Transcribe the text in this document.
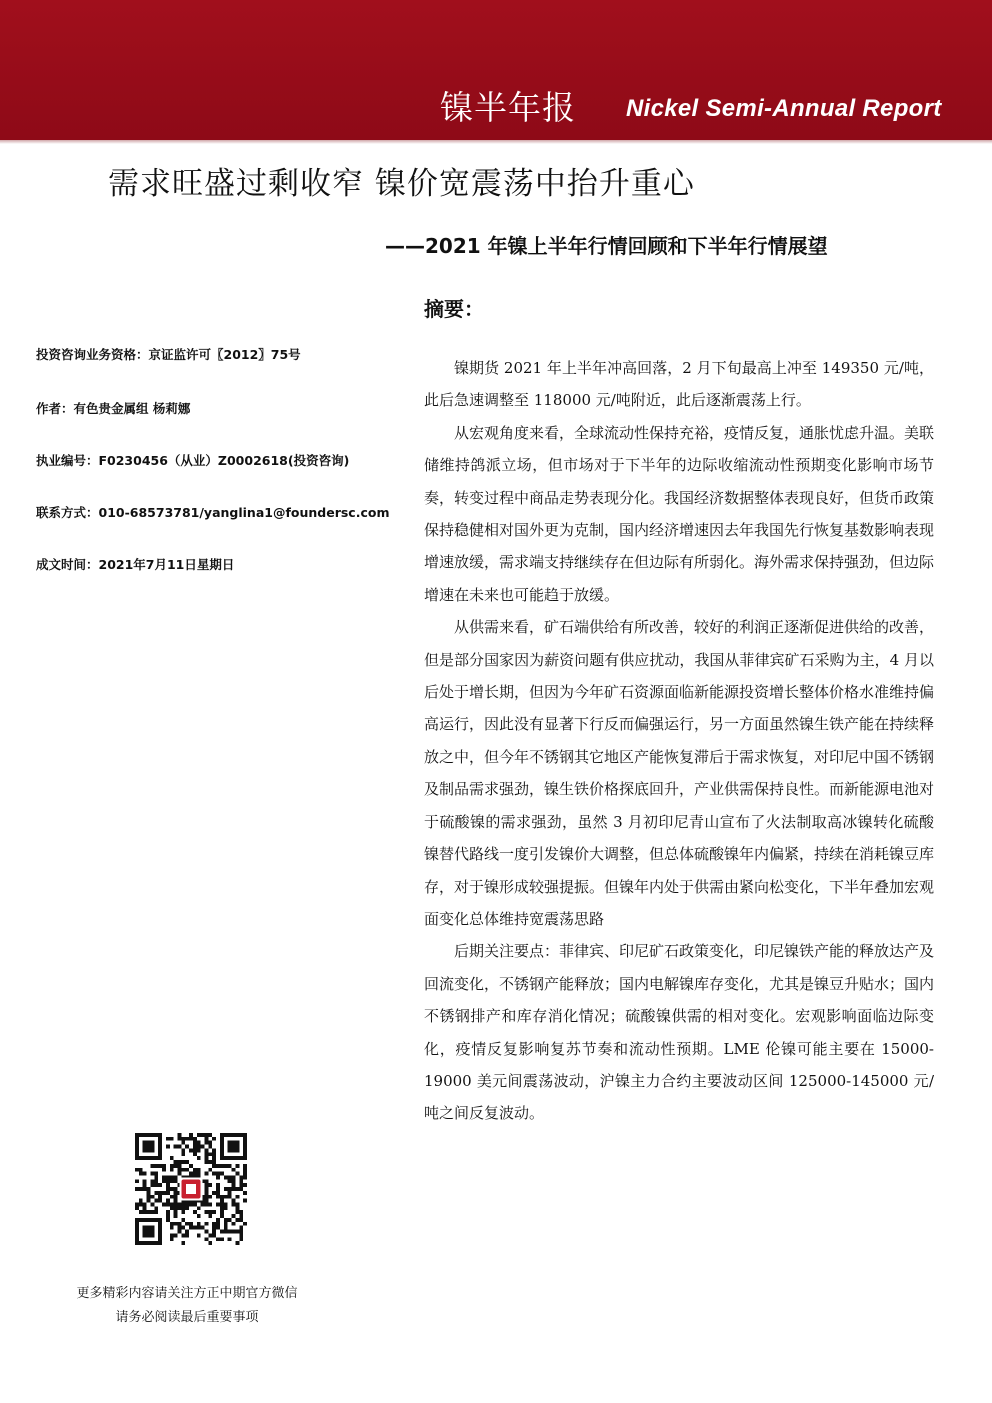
镍半年报 Nickel Semi-Annual Report
需求旺盛过剩收窄 镍价宽震荡中抬升重心
——2021 年镍上半年行情回顾和下半年行情展望
摘要：
投资咨询业务资格：京证监许可〖2012〗75号
作者：有色贵金属组 杨莉娜
执业编号：F0230456（从业）Z0002618(投资咨询)
联系方式：010-68573781/yanglina1@foundersc.com
成文时间：2021年7月11日星期日

镍期货 2021 年上半年冲高回落，2 月下旬最高上冲至 149350 元/吨，此后急速调整至 118000 元/吨附近，此后逐渐震荡上行。

从宏观角度来看，全球流动性保持充裕，疫情反复，通胀忧虑升温。美联储维持鸽派立场，但市场对于下半年的边际收缩流动性预期变化影响市场节奏，转变过程中商品走势表现分化。我国经济数据整体表现良好，但货币政策保持稳健相对国外更为克制，国内经济增速因去年我国先行恢复基数影响表现增速放缓，需求端支持继续存在但边际有所弱化。海外需求保持强劲，但边际增速在未来也可能趋于放缓。

从供需来看，矿石端供给有所改善，较好的利润正逐渐促进供给的改善，但是部分国家因为薪资问题有供应扰动，我国从菲律宾矿石采购为主，4 月以后处于增长期，但因为今年矿石资源面临新能源投资增长整体价格水准维持偏高运行，因此没有显著下行反而偏强运行，另一方面虽然镍生铁产能在持续释放之中，但今年不锈钢其它地区产能恢复滞后于需求恢复，对印尼中国不锈钢及制品需求强劲，镍生铁价格探底回升，产业供需保持良性。而新能源电池对于硫酸镍的需求强劲，虽然 3 月初印尼青山宣布了火法制取高冰镍转化硫酸镍替代路线一度引发镍价大调整，但总体硫酸镍年内偏紧，持续在消耗镍豆库存，对于镍形成较强提振。但镍年内处于供需由紧向松变化，下半年叠加宏观面变化总体维持宽震荡思路

后期关注要点：菲律宾、印尼矿石政策变化，印尼镍铁产能的释放达产及回流变化，不锈钢产能释放；国内电解镍库存变化，尤其是镍豆升贴水；国内不锈钢排产和库存消化情况；硫酸镍供需的相对变化。宏观影响面临边际变化，疫情反复影响复苏节奏和流动性预期。LME 伦镍可能主要在 15000-19000 美元间震荡波动，沪镍主力合约主要波动区间 125000-145000 元/吨之间反复波动。

更多精彩内容请关注方正中期官方微信
请务必阅读最后重要事项
